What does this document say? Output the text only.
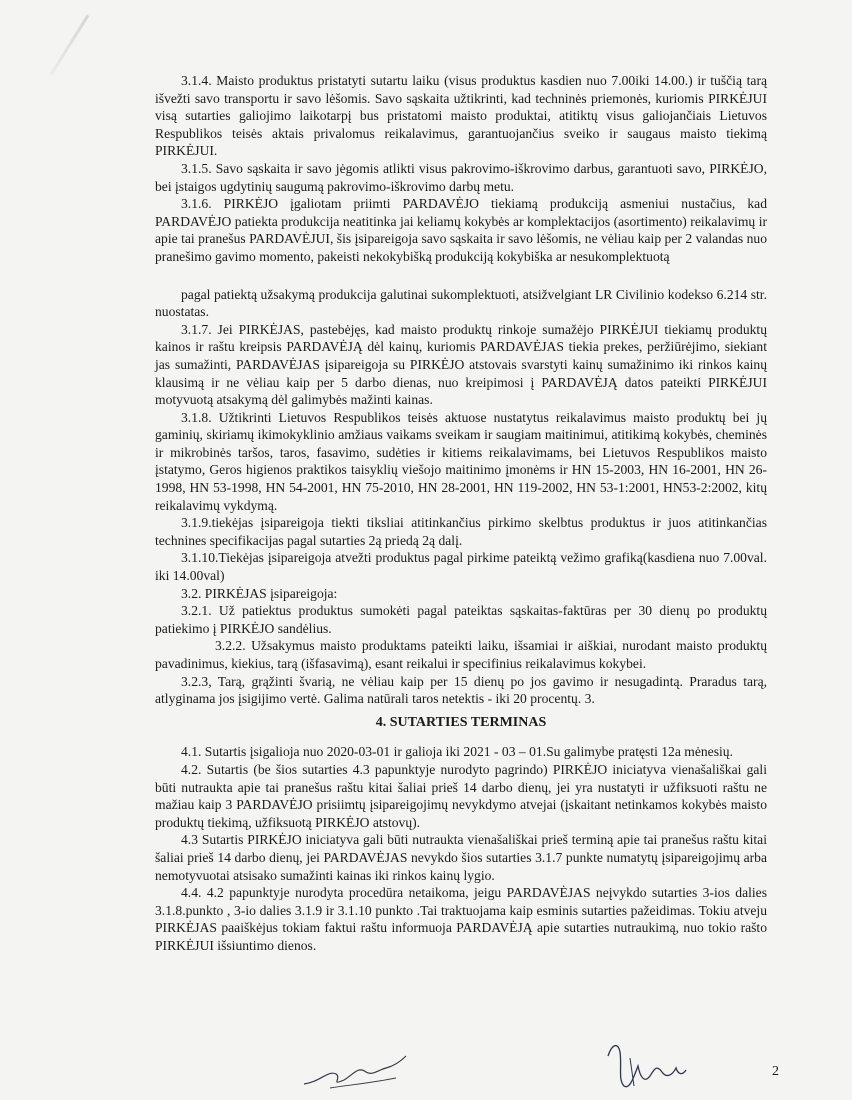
3.1.4. Maisto produktus pristatyti sutartu laiku (visus produktus kasdien nuo 7.00iki 14.00.) ir tuščią tarą išvežti savo transportu ir savo lėšomis. Savo sąskaita užtikrinti, kad techninės priemonės, kuriomis PIRKĖJUI visą sutarties galiojimo laikotarpį bus pristatomi maisto produktai, atitiktų visus galiojančiais Lietuvos Respublikos teisės aktais privalomus reikalavimus, garantuojančius sveiko ir saugaus maisto tiekimą PIRKĖJUI.

3.1.5. Savo sąskaita ir savo jėgomis atlikti visus pakrovimo-iškrovimo darbus, garantuoti savo, PIRKĖJO, bei įstaigos ugdytinių saugumą pakrovimo-iškrovimo darbų metu.

3.1.6. PIRKĖJO įgaliotam priimti PARDAVĖJO tiekiamą produkciją asmeniui nustačius, kad PARDAVĖJO patiekta produkcija neatitinka jai keliamų kokybės ar komplektacijos (asortimento) reikalavimų ir apie tai pranešus PARDAVĖJUI, šis įsipareigoja savo sąskaita ir savo lėšomis, ne vėliau kaip per 2 valandas nuo pranešimo gavimo momento, pakeisti nekokybišką produkciją kokybiška ar nesukomplektuotą

pagal patiektą užsakymą produkcija galutinai sukomplektuoti, atsižvelgiant LR Civilinio kodekso 6.214 str. nuostatas.

3.1.7. Jei PIRKĖJAS, pastebėjęs, kad maisto produktų rinkoje sumažėjo PIRKĖJUI tiekiamų produktų kainos ir raštu kreipsis PARDAVĖJĄ dėl kainų, kuriomis PARDAVĖJAS tiekia prekes, peržiūrėjimo, siekiant jas sumažinti, PARDAVĖJAS įsipareigoja su PIRKĖJO atstovais svarstyti kainų sumažinimo iki rinkos kainų klausimą ir ne vėliau kaip per 5 darbo dienas, nuo kreipimosi į PARDAVĖJĄ datos pateikti PIRKĖJUI motyvuotą atsakymą dėl galimybės mažinti kainas.

3.1.8. Užtikrinti Lietuvos Respublikos teisės aktuose nustatytus reikalavimus maisto produktų bei jų gaminių, skiriamų ikimokyklinio amžiaus vaikams sveikam ir saugiam maitinimui, atitikimą kokybės, cheminės ir mikrobinės taršos, taros, fasavimo, sudėties ir kitiems reikalavimams, bei Lietuvos Respublikos maisto įstatymo, Geros higienos praktikos taisyklių viešojo maitinimo įmonėms ir HN 15-2003, HN 16-2001, HN 26-1998, HN 53-1998, HN 54-2001, HN 75-2010, HN 28-2001, HN 119-2002, HN 53-1:2001, HN53-2:2002, kitų reikalavimų vykdymą.

3.1.9.tiekėjas įsipareigoja tiekti tiksliai atitinkančius pirkimo skelbtus produktus ir juos atitinkančias technines specifikacijas pagal sutarties 2ą priedą 2ą dalį.

3.1.10.Tiekėjas įsipareigoja atvežti produktus pagal pirkime pateiktą vežimo grafiką(kasdiena nuo 7.00val. iki 14.00val)

3.2. PIRKĖJAS įsipareigoja:

3.2.1. Už patiektus produktus sumokėti pagal pateiktas sąskaitas-faktūras per 30 dienų po produktų patiekimo į PIRKĖJO sandėlius.

3.2.2. Užsakymus maisto produktams pateikti laiku, išsamiai ir aiškiai, nurodant maisto produktų pavadinimus, kiekius, tarą (išfasavimą), esant reikalui ir specifinius reikalavimus kokybei.

3.2.3, Tarą, grąžinti švarią, ne vėliau kaip per 15 dienų po jos gavimo ir nesugadintą. Praradus tarą, atlyginama jos įsigijimo vertė. Galima natūrali taros netektis - iki 20 procentų. 3.

4. SUTARTIES TERMINAS

4.1. Sutartis įsigalioja nuo 2020-03-01 ir galioja iki 2021 - 03 – 01.Su galimybe pratęsti 12a mėnesių.

4.2. Sutartis (be šios sutarties 4.3 papunktyje nurodyto pagrindo) PIRKĖJO iniciatyva vienašališkai gali būti nutraukta apie tai pranešus raštu kitai šaliai prieš 14 darbo dienų, jei yra nustatyti ir užfiksuoti raštu ne mažiau kaip 3 PARDAVĖJO prisiimtų įsipareigojimų nevykdymo atvejai (įskaitant netinkamos kokybės maisto produktų tiekimą, užfiksuotą PIRKĖJO atstovų).

4.3 Sutartis PIRKĖJO iniciatyva gali būti nutraukta vienašališkai prieš terminą apie tai pranešus raštu kitai šaliai prieš 14 darbo dienų, jei PARDAVĖJAS nevykdo šios sutarties 3.1.7 punkte numatytų įsipareigojimų arba nemotyvuotai atsisako sumažinti kainas iki rinkos kainų lygio.

4.4. 4.2 papunktyje nurodyta procedūra netaikoma, jeigu PARDAVĖJAS neįvykdo sutarties 3-ios dalies 3.1.8.punkto , 3-io dalies 3.1.9 ir 3.1.10 punkto .Tai traktuojama kaip esminis sutarties pažeidimas. Tokiu atveju PIRKĖJAS paaiškėjus tokiam faktui raštu informuoja PARDAVĖJĄ apie sutarties nutraukimą, nuo tokio rašto PIRKĖJUI išsiuntimo dienos.

2
